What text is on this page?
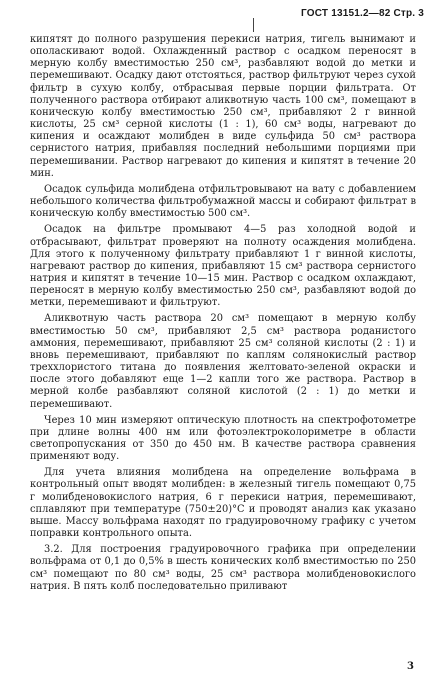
ГОСТ 13151.2—82 Стр. 3

кипятят до полного разрушения перекиси натрия, тигель вынимают и ополаскивают водой. Охлажденный раствор с осадком переносят в мерную колбу вместимостью 250 см³, разбавляют водой до метки и перемешивают. Осадку дают отстояться, раствор фильтруют через сухой фильтр в сухую колбу, отбрасывая первые порции фильтрата. От полученного раствора отбирают аликвотную часть 100 см³, помещают в коническую колбу вместимостью 250 см³, прибавляют 2 г винной кислоты, 25 см³ серной кислоты (1 : 1), 60 см³ воды, нагревают до кипения и осаждают молибден в виде сульфида 50 см³ раствора сернистого натрия, прибавляя последний небольшими порциями при перемешивании. Раствор нагревают до кипения и кипятят в течение 20 мин.

Осадок сульфида молибдена отфильтровывают на вату с добавлением небольшого количества фильтробумажной массы и собирают фильтрат в коническую колбу вместимостью 500 см³.

Осадок на фильтре промывают 4—5 раз холодной водой и отбрасывают, фильтрат проверяют на полноту осаждения молибдена. Для этого к полученному фильтрату прибавляют 1 г винной кислоты, нагревают раствор до кипения, прибавляют 15 см³ раствора сернистого натрия и кипятят в течение 10—15 мин. Раствор с осадком охлаждают, переносят в мерную колбу вместимостью 250 см³, разбавляют водой до метки, перемешивают и фильтруют.

Аликвотную часть раствора 20 см³ помещают в мерную колбу вместимостью 50 см³, прибавляют 2,5 см³ раствора роданистого аммония, перемешивают, прибавляют 25 см³ соляной кислоты (2 : 1) и вновь перемешивают, прибавляют по каплям солянокислый раствор треххлористого титана до появления желтовато-зеленой окраски и после этого добавляют еще 1—2 капли того же раствора. Раствор в мерной колбе разбавляют соляной кислотой (2 : 1) до метки и перемешивают.

Через 10 мин измеряют оптическую плотность на спектрофотометре при длине волны 400 нм или фотоэлектроколориметре в области светопропускания от 350 до 450 нм. В качестве раствора сравнения применяют воду.

Для учета влияния молибдена на определение вольфрама в контрольный опыт вводят молибден: в железный тигель помещают 0,75 г молибденовокислого натрия, 6 г перекиси натрия, перемешивают, сплавляют при температуре (750±20)°С и проводят анализ как указано выше. Массу вольфрама находят по градуировочному графику с учетом поправки контрольного опыта.

3.2. Для построения градуировочного графика при определении вольфрама от 0,1 до 0,5% в шесть конических колб вместимостью по 250 см³ помещают по 80 см³ воды, 25 см³ раствора молибденовокислого натрия. В пять колб последовательно приливают

3
